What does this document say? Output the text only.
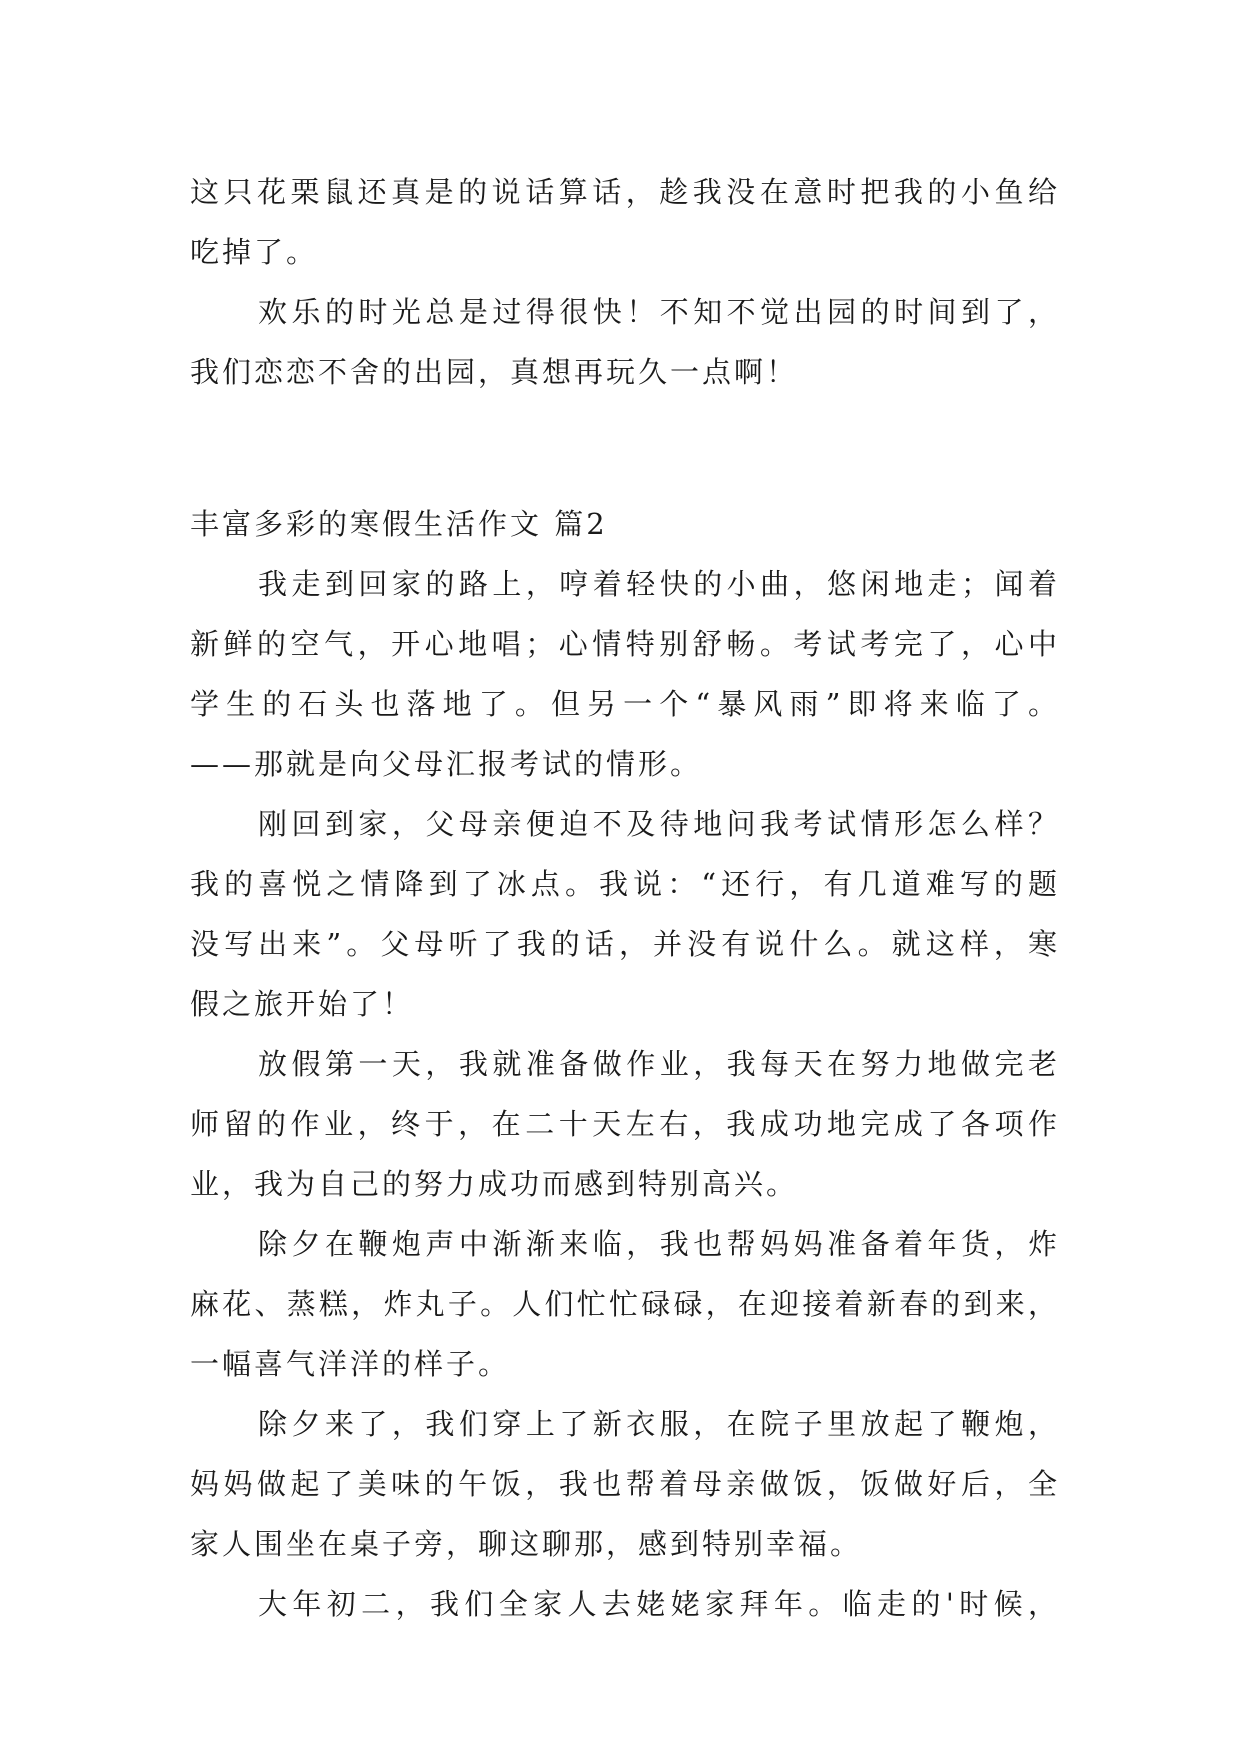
这只花栗鼠还真是的说话算话，趁我没在意时把我的小鱼给
吃掉了。
欢乐的时光总是过得很快！不知不觉出园的时间到了，
我们恋恋不舍的出园，真想再玩久一点啊！
丰富多彩的寒假生活作文 篇2
我走到回家的路上，哼着轻快的小曲，悠闲地走；闻着
新鲜的空气，开心地唱；心情特别舒畅。考试考完了，心中
学生的石头也落地了。但另一个“暴风雨”即将来临了。
——那就是向父母汇报考试的情形。
刚回到家，父母亲便迫不及待地问我考试情形怎么样？
我的喜悦之情降到了冰点。我说：“还行，有几道难写的题
没写出来”。父母听了我的话，并没有说什么。就这样，寒
假之旅开始了！
放假第一天，我就准备做作业，我每天在努力地做完老
师留的作业，终于，在二十天左右，我成功地完成了各项作
业，我为自己的努力成功而感到特别高兴。
除夕在鞭炮声中渐渐来临，我也帮妈妈准备着年货，炸
麻花、蒸糕，炸丸子。人们忙忙碌碌，在迎接着新春的到来，
一幅喜气洋洋的样子。
除夕来了，我们穿上了新衣服，在院子里放起了鞭炮，
妈妈做起了美味的午饭，我也帮着母亲做饭，饭做好后，全
家人围坐在桌子旁，聊这聊那，感到特别幸福。
大年初二，我们全家人去姥姥家拜年。临走的'时候，
